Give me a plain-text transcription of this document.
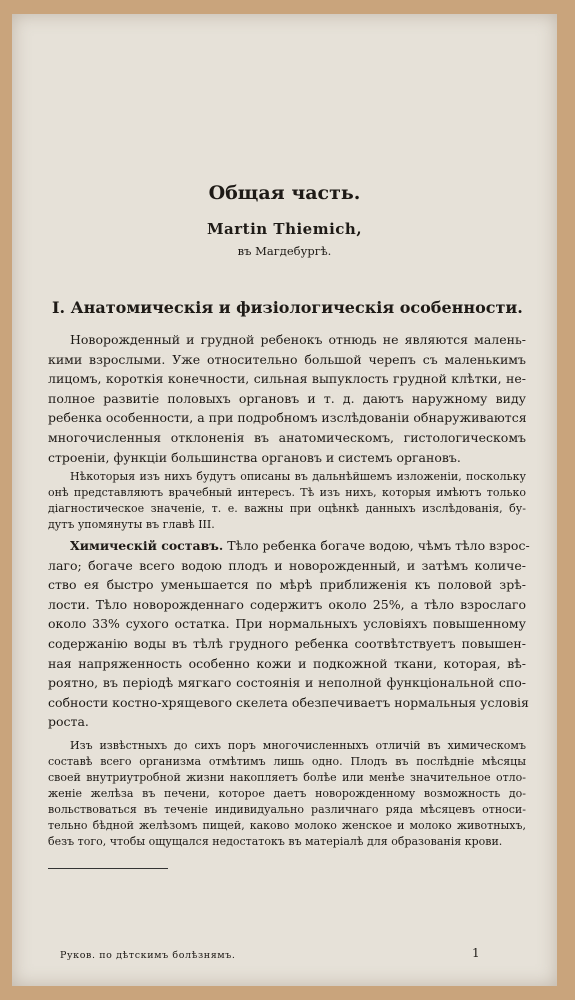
Общая часть.
Martin Thiemich,
въ Магдебургѣ.
I. Анатомическія и физіологическія особенности.
Новорожденный и грудной ребенокъ отнюдь не являются малень-
кими взрослыми. Уже относительно большой черепъ съ маленькимъ
лицомъ, короткія конечности, сильная выпуклость грудной клѣтки, не-
полное развитіе половыхъ органовъ и т. д. даютъ наружному виду
ребенка особенности, а при подробномъ изслѣдованіи обнаруживаются
многочисленныя отклоненія въ анатомическомъ, гистологическомъ
строеніи, функціи большинства органовъ и системъ органовъ.
Нѣкоторыя изъ нихъ будутъ описаны въ дальнѣйшемъ изложеніи, поскольку
онѣ представляютъ врачебный интересъ. Тѣ изъ нихъ, которыя имѣютъ только
діагностическое значеніе, т. е. важны при оцѣнкѣ данныхъ изслѣдованія, бу-
дутъ упомянуты въ главѣ III.
Химическій составъ. Тѣло ребенка богаче водою, чѣмъ тѣло взрос-
лаго; богаче всего водою плодъ и новорожденный, и затѣмъ количе-
ство ея быстро уменьшается по мѣрѣ приближенія къ половой зрѣ-
лости. Тѣло новорожденнаго содержитъ около 25%, а тѣло взрослаго
около 33% сухого остатка. При нормальныхъ условіяхъ повышенному
содержанію воды въ тѣлѣ грудного ребенка соотвѣтствуетъ повышен-
ная напряженность особенно кожи и подкожной ткани, которая, вѣ-
роятно, въ періодѣ мягкаго состоянія и неполной функціональной спо-
собности костно-хрящевого скелета обезпечиваетъ нормальныя условія
роста.
Изъ извѣстныхъ до сихъ поръ многочисленныхъ отличій въ химическомъ
составѣ всего организма отмѣтимъ лишь одно. Плодъ въ послѣдніе мѣсяцы
своей внутриутробной жизни накопляетъ болѣе или менѣе значительное отло-
женіе желѣза въ печени, которое даетъ новорожденному возможность до-
вольствоваться въ теченіе индивидуально различнаго ряда мѣсяцевъ относи-
тельно бѣдной желѣзомъ пищей, каково молоко женское и молоко животныхъ,
безъ того, чтобы ощущался недостатокъ въ матеріалѣ для образованія крови.
Руков. по дѣтскимъ болѣзнямъ.	1
